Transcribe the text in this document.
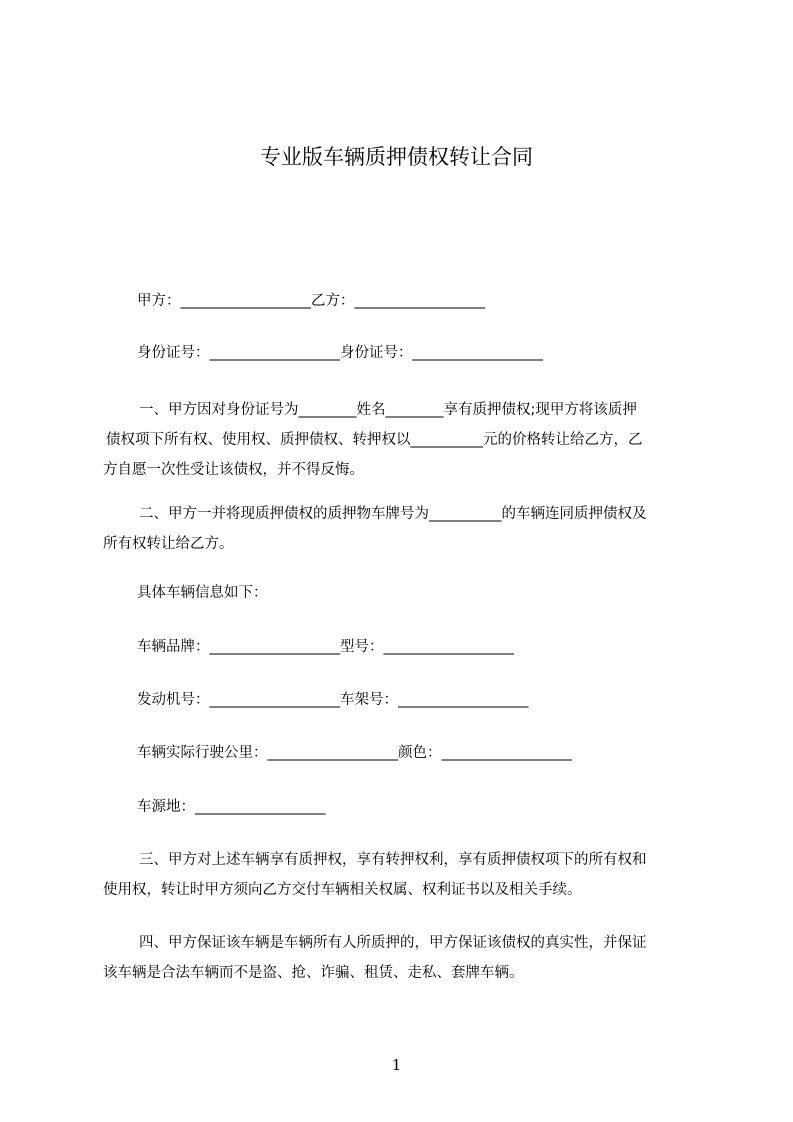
专业版车辆质押债权转让合同
甲方：__________________乙方：__________________
身份证号：__________________身份证号：__________________
一、甲方因对身份证号为________姓名________享有质押债权;现甲方将该质押
债权项下所有权、使用权、质押债权、转押权以__________元的价格转让给乙方，乙
方自愿一次性受让该债权，并不得反悔。
二、甲方一并将现质押债权的质押物车牌号为__________的车辆连同质押债权及
所有权转让给乙方。
具体车辆信息如下：
车辆品牌：__________________型号：__________________
发动机号：__________________车架号：__________________
车辆实际行驶公里：__________________颜色：__________________
车源地：__________________
三、甲方对上述车辆享有质押权，享有转押权利，享有质押债权项下的所有权和
使用权，转让时甲方须向乙方交付车辆相关权属、权利证书以及相关手续。
四、甲方保证该车辆是车辆所有人所质押的，甲方保证该债权的真实性，并保证
该车辆是合法车辆而不是盗、抢、诈骗、租赁、走私、套牌车辆。
1
